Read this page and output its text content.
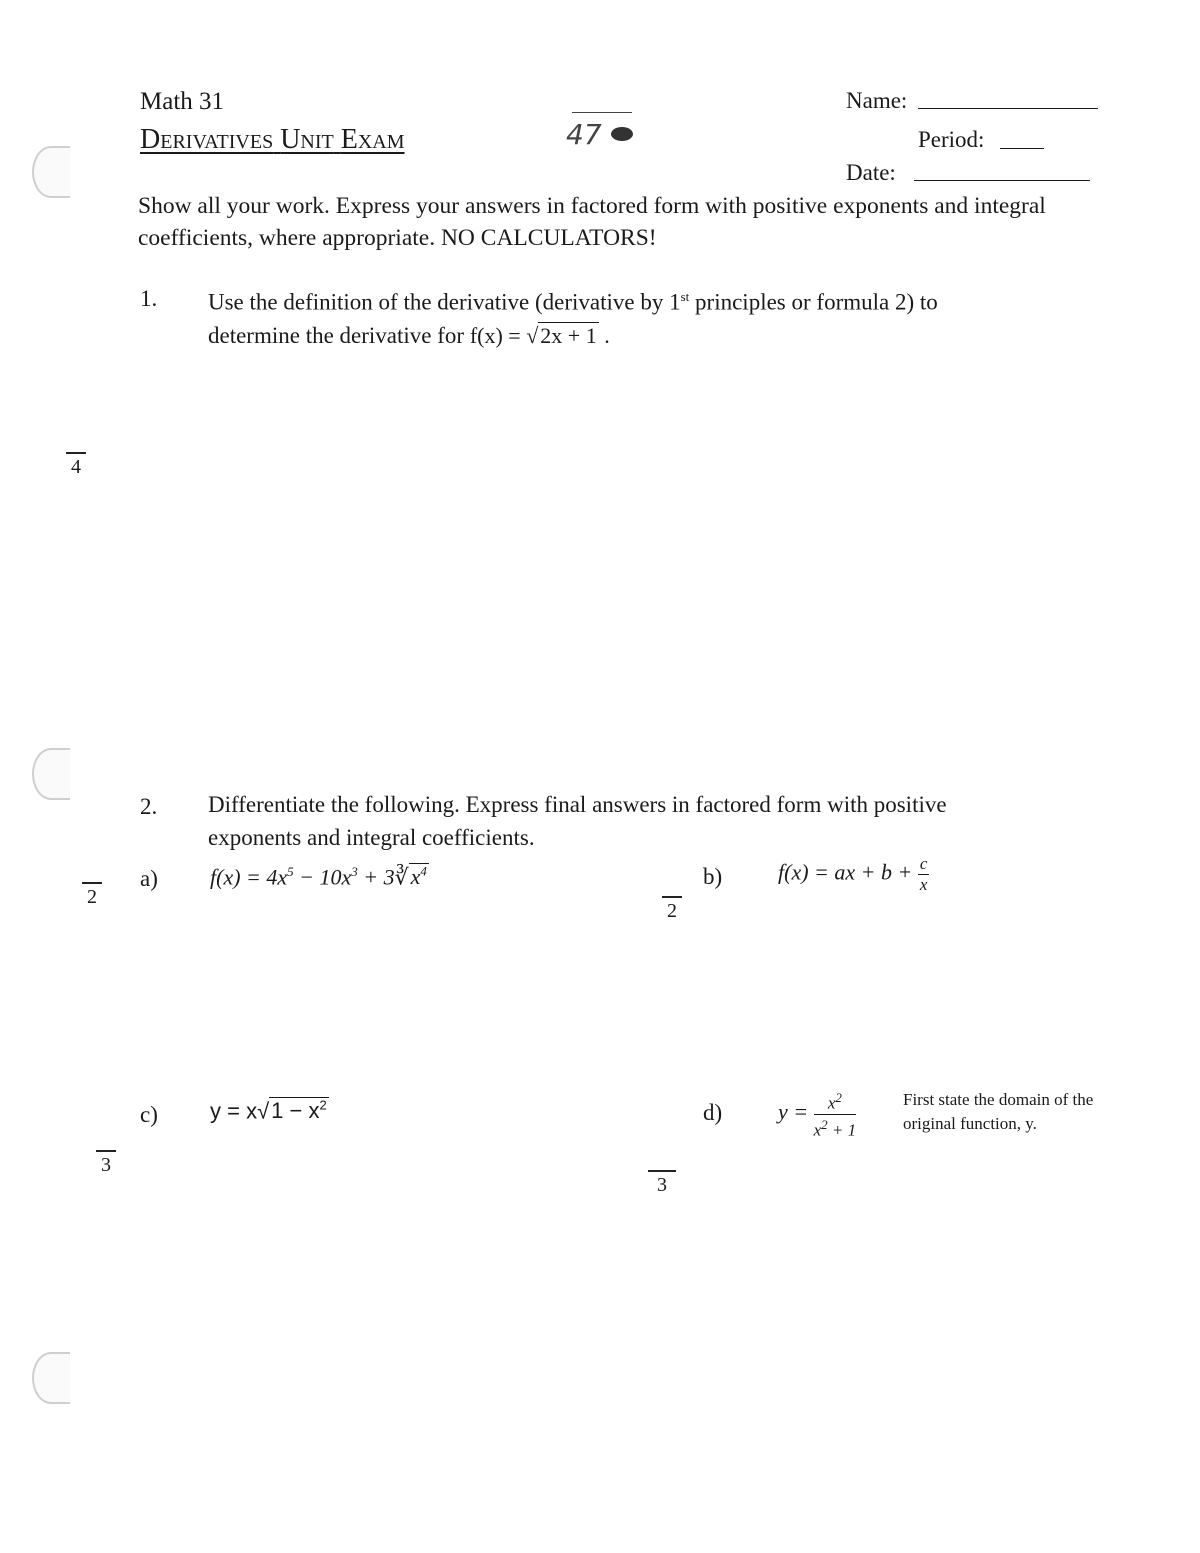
Math 31
Derivatives Unit Exam	47
Name:
Period:
Date:
Show all your work. Express your answers in factored form with positive exponents and integral coefficients, where appropriate. NO CALCULATORS!
1. Use the definition of the derivative (derivative by 1st principles or formula 2) to
determine the derivative for f(x) = √2x + 1 .
4
2. Differentiate the following. Express final answers in factored form with positive
exponents and integral coefficients.
a) $f(x) = 4x^5 - 10x^3$ + $3∛x^4$
2
b)	f(x) = ax + $b + \frac{c}{x}$
2
c) $y = x√1 - x^2$
3
d)	$y = \frac{x^2}{x^2 + 1}$	First state the domain of the
original function, y.
3
